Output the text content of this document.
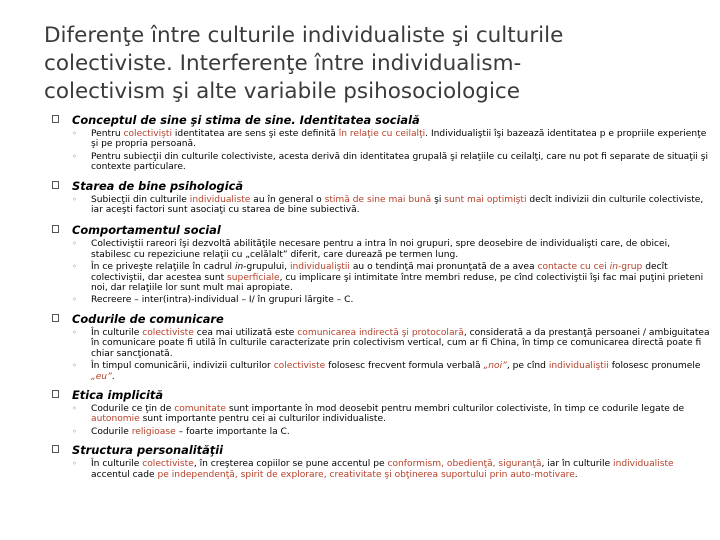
Diferenţe între culturile individualiste şi culturile
colectiviste. Interferenţe între individualism-
colectivism şi alte variabile psihosociologice
Conceptul de sine şi stima de sine. Identitatea socială
◦ Pentru colectivişti identitatea are sens şi este definită în relaţie cu ceilalţi. Individualiştii îşi bazează identitatea p e propriile experienţe şi pe propria persoană.
◦ Pentru subiecţii din culturile colectiviste, acesta derivă din identitatea grupală şi relaţiile cu ceilalţi, care nu pot fi separate de situaţii şi contexte particulare.
Starea de bine psihologică
◦ Subiecţii din culturile individualiste au în general o stimă de sine mai bună şi sunt mai optimişti decît indivizii din culturile colectiviste, iar aceşti factori sunt asociaţi cu starea de bine subiectivă.
Comportamentul social
◦ Colectiviştii rareori îşi dezvoltă abilităţile necesare pentru a intra în noi grupuri, spre deosebire de individualişti care, de obicei, stabilesc cu repeziciune relaţii cu „celălalt” diferit, care durează pe termen lung.
◦ În ce priveşte relaţiile în cadrul in-grupului, individualiştii au o tendinţă mai pronunţată de a avea contacte cu cei in-grup decît colectiviştii, dar acestea sunt superficiale, cu implicare şi intimitate între membri reduse, pe cînd colectiviştii îşi fac mai puţini prieteni noi, dar relaţiile lor sunt mult mai apropiate.
◦ Recreere – inter(intra)-individual – I/ în grupuri lărgite – C.
Codurile de comunicare
◦ În culturile colectiviste cea mai utilizată este comunicarea indirectă şi protocolară, considerată a da prestanţă persoanei / ambiguitatea în comunicare poate fi utilă în culturile caracterizate prin colectivism vertical, cum ar fi China, în timp ce comunicarea directă poate fi chiar sancţionată.
◦ În timpul comunicării, indivizii culturilor colectiviste folosesc frecvent formula verbală „noi”, pe cînd individualiştii folosesc pronumele „eu”.
Etica implicită
◦ Codurile ce ţin de comunitate sunt importante în mod deosebit pentru membri culturilor colectiviste, în timp ce codurile legate de autonomie sunt importante pentru cei ai culturilor individualiste.
◦ Codurile religioase – foarte importante la C.
Structura personalităţii
◦ În culturile colectiviste, în creşterea copiilor se pune accentul pe conformism, obedienţă, siguranţă, iar în culturile individualiste accentul cade pe independenţă, spirit de explorare, creativitate şi obţinerea suportului prin auto-motivare.
